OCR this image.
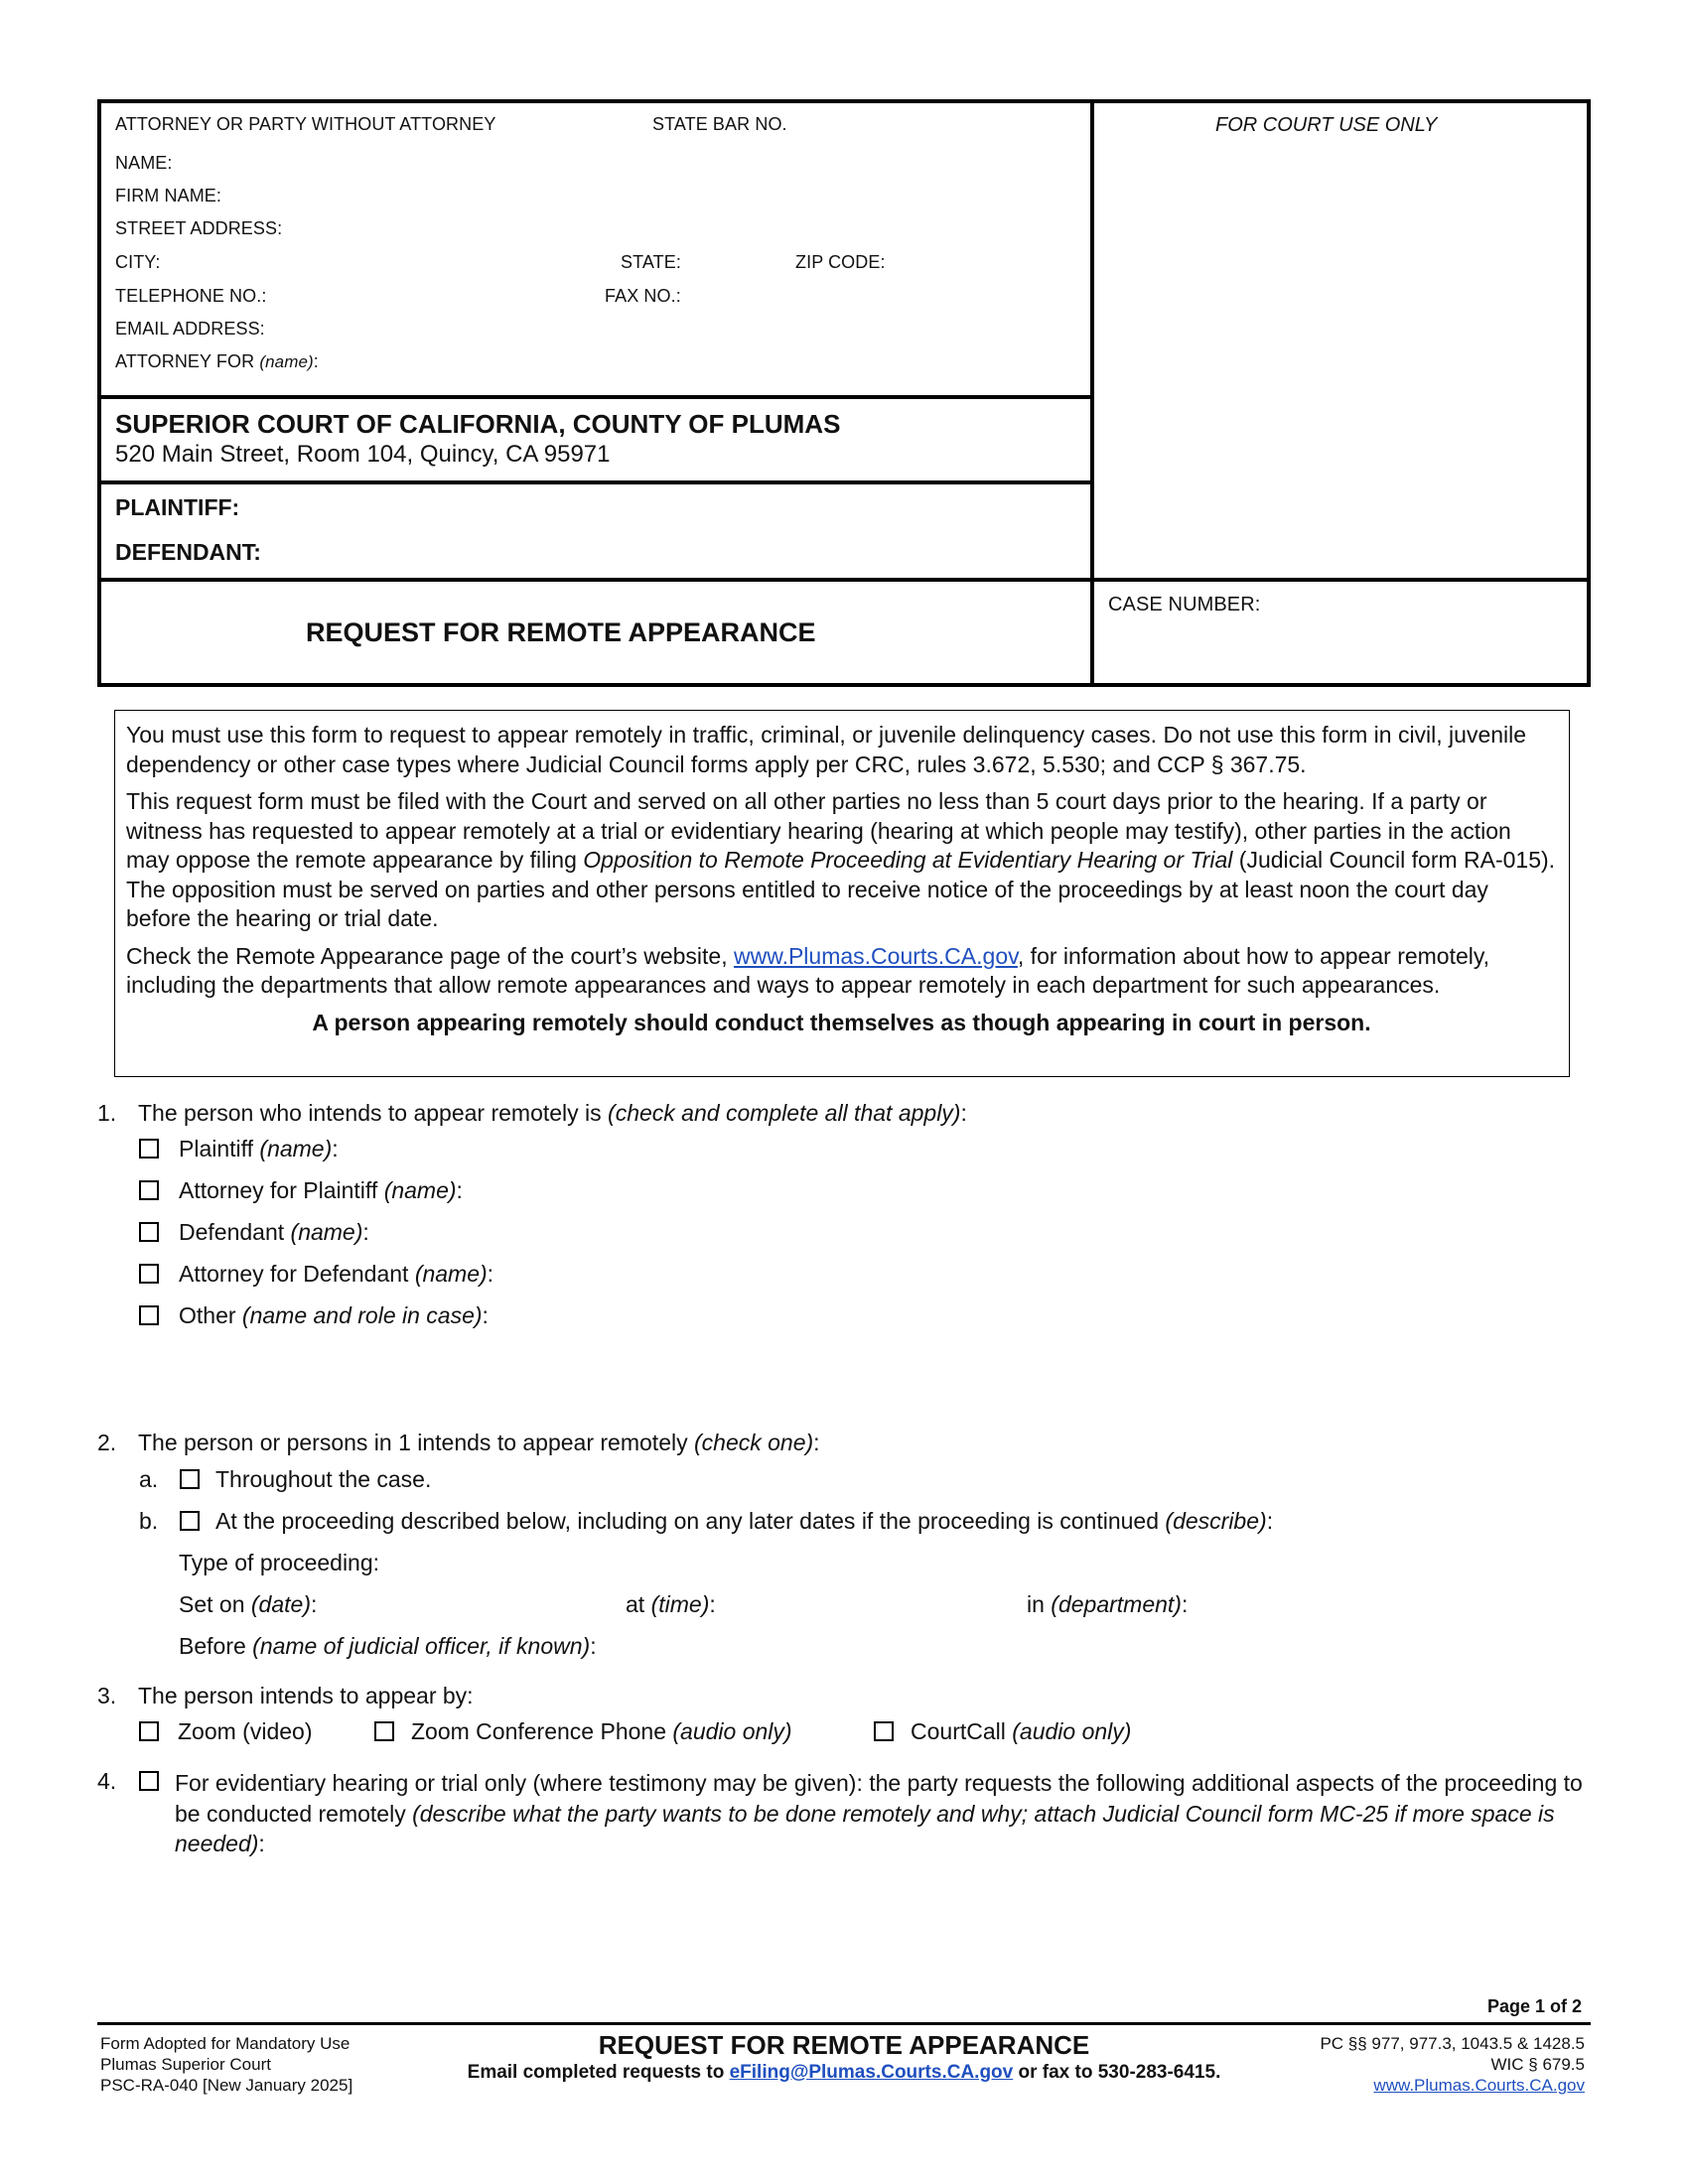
ATTORNEY OR PARTY WITHOUT ATTORNEY	STATE BAR NO.
NAME:
FIRM NAME:
STREET ADDRESS:
CITY:	STATE:	ZIP CODE:
TELEPHONE NO.:	FAX NO.:
EMAIL ADDRESS:
ATTORNEY FOR (name):
FOR COURT USE ONLY
SUPERIOR COURT OF CALIFORNIA, COUNTY OF PLUMAS
520 Main Street, Room 104, Quincy, CA 95971
PLAINTIFF:
DEFENDANT:
REQUEST FOR REMOTE APPEARANCE
CASE NUMBER:

You must use this form to request to appear remotely in traffic, criminal, or juvenile delinquency cases. Do not use this form in civil, juvenile dependency or other case types where Judicial Council forms apply per CRC, rules 3.672, 5.530; and CCP § 367.75.

This request form must be filed with the Court and served on all other parties no less than 5 court days prior to the hearing. If a party or witness has requested to appear remotely at a trial or evidentiary hearing (hearing at which people may testify), other parties in the action may oppose the remote appearance by filing Opposition to Remote Proceeding at Evidentiary Hearing or Trial (Judicial Council form RA-015). The opposition must be served on parties and other persons entitled to receive notice of the proceedings by at least noon the court day before the hearing or trial date.

Check the Remote Appearance page of the court’s website, www.Plumas.Courts.CA.gov, for information about how to appear remotely, including the departments that allow remote appearances and ways to appear remotely in each department for such appearances.

A person appearing remotely should conduct themselves as though appearing in court in person.

1. The person who intends to appear remotely is (check and complete all that apply):
Plaintiff (name):
Attorney for Plaintiff (name):
Defendant (name):
Attorney for Defendant (name):
Other (name and role in case):
2. The person or persons in 1 intends to appear remotely (check one):
a.	Throughout the case.
b.	At the proceeding described below, including on any later dates if the proceeding is continued (describe):
Type of proceeding:
Set on (date):	at (time):	in (department):
Before (name of judicial officer, if known):
3. The person intends to appear by:
Zoom (video)	Zoom Conference Phone (audio only)	CourtCall (audio only)
4.	For evidentiary hearing or trial only (where testimony may be given): the party requests the following additional aspects of the proceeding to be conducted remotely (describe what the party wants to be done remotely and why; attach Judicial Council form MC-25 if more space is needed):
Page 1 of 2
Form Adopted for Mandatory Use
Plumas Superior Court
PSC-RA-040 [New January 2025]
REQUEST FOR REMOTE APPEARANCE
Email completed requests to eFiling@Plumas.Courts.CA.gov or fax to 530-283-6415.
PC §§ 977, 977.3, 1043.5 & 1428.5
WIC § 679.5
www.Plumas.Courts.CA.gov
